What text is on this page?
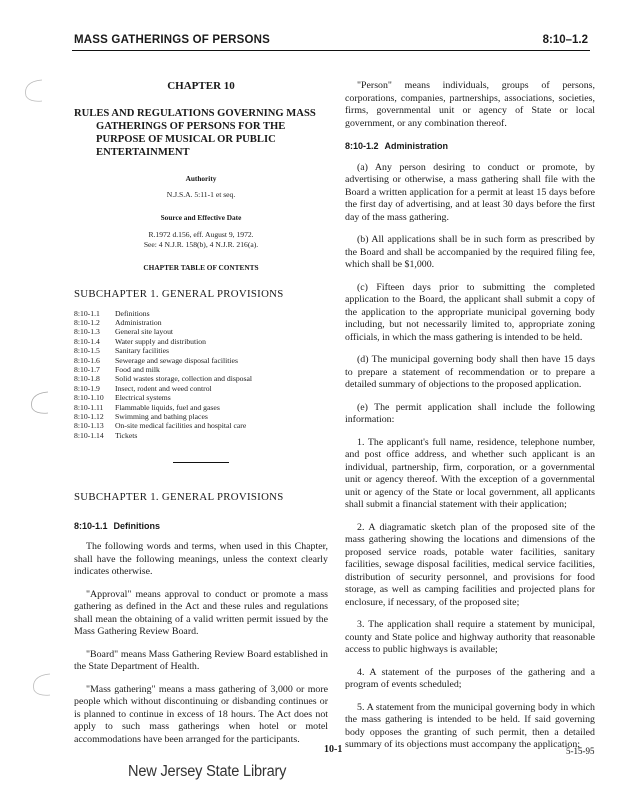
MASS GATHERINGS OF PERSONS	8:10–1.2
CHAPTER 10
RULES AND REGULATIONS GOVERNING MASS GATHERINGS OF PERSONS FOR THE PURPOSE OF MUSICAL OR PUBLIC ENTERTAINMENT
Authority
N.J.S.A. 5:11-1 et seq.
Source and Effective Date
R.1972 d.156, eff. August 9, 1972.
See: 4 N.J.R. 158(b), 4 N.J.R. 216(a).
CHAPTER TABLE OF CONTENTS
SUBCHAPTER 1. GENERAL PROVISIONS
8:10-1.1	Definitions
8:10-1.2	Administration
8:10-1.3	General site layout
8:10-1.4	Water supply and distribution
8:10-1.5	Sanitary facilities
8:10-1.6	Sewerage and sewage disposal facilities
8:10-1.7	Food and milk
8:10-1.8	Solid wastes storage, collection and disposal
8:10-1.9	Insect, rodent and weed control
8:10-1.10	Electrical systems
8:10-1.11	Flammable liquids, fuel and gases
8:10-1.12	Swimming and bathing places
8:10-1.13	On-site medical facilities and hospital care
8:10-1.14	Tickets
SUBCHAPTER 1. GENERAL PROVISIONS
8:10-1.1 Definitions

The following words and terms, when used in this Chapter, shall have the following meanings, unless the context clearly indicates otherwise.

"Approval" means approval to conduct or promote a mass gathering as defined in the Act and these rules and regulations shall mean the obtaining of a valid written permit issued by the Mass Gathering Review Board.

"Board" means Mass Gathering Review Board established in the State Department of Health.

"Mass gathering" means a mass gathering of 3,000 or more people which without discontinuing or disbanding continues or is planned to continue in excess of 18 hours. The Act does not apply to such mass gatherings when hotel or motel accommodations have been arranged for the participants.

"Person" means individuals, groups of persons, corporations, companies, partnerships, associations, societies, firms, governmental unit or agency of State or local government, or any combination thereof.

8:10-1.2 Administration

(a) Any person desiring to conduct or promote, by advertising or otherwise, a mass gathering shall file with the Board a written application for a permit at least 15 days before the first day of advertising, and at least 30 days before the first day of the mass gathering.

(b) All applications shall be in such form as prescribed by the Board and shall be accompanied by the required filing fee, which shall be $1,000.

(c) Fifteen days prior to submitting the completed application to the Board, the applicant shall submit a copy of the application to the appropriate municipal governing body including, but not necessarily limited to, appropriate zoning officials, in which the mass gathering is intended to be held.

(d) The municipal governing body shall then have 15 days to prepare a statement of recommendation or to prepare a detailed summary of objections to the proposed application.

(e) The permit application shall include the following information:

1. The applicant's full name, residence, telephone number, and post office address, and whether such applicant is an individual, partnership, firm, corporation, or a governmental unit or agency thereof. With the exception of a governmental unit or agency of the State or local government, all applicants shall submit a financial statement with their application;

2. A diagramatic sketch plan of the proposed site of the mass gathering showing the locations and dimensions of the proposed service roads, potable water facilities, sanitary facilities, sewage disposal facilities, medical service facilities, distribution of security personnel, and provisions for food storage, as well as camping facilities and projected plans for enclosure, if necessary, of the proposed site;

3. The application shall require a statement by municipal, county and State police and highway authority that reasonable access to public highways is available;

4. A statement of the purposes of the gathering and a program of events scheduled;

5. A statement from the municipal governing body in which the mass gathering is intended to be held. If said governing body opposes the granting of such permit, then a detailed summary of its objections must accompany the application;

10-1	5-15-95
New Jersey State Library
